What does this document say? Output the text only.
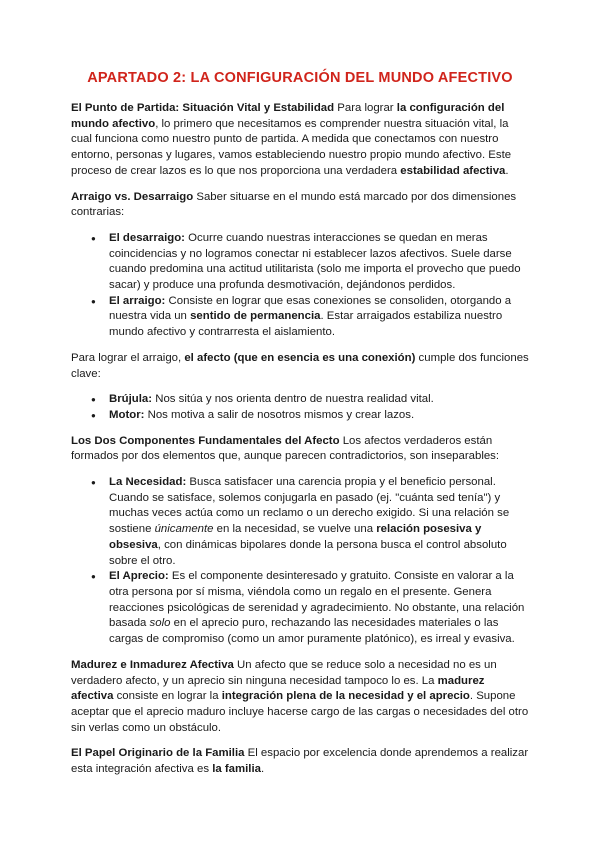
APARTADO 2: LA CONFIGURACIÓN DEL MUNDO AFECTIVO

El Punto de Partida: Situación Vital y Estabilidad Para lograr la configuración del mundo afectivo, lo primero que necesitamos es comprender nuestra situación vital, la cual funciona como nuestro punto de partida. A medida que conectamos con nuestro entorno, personas y lugares, vamos estableciendo nuestro propio mundo afectivo. Este proceso de crear lazos es lo que nos proporciona una verdadera estabilidad afectiva.

Arraigo vs. Desarraigo Saber situarse en el mundo está marcado por dos dimensiones contrarias:

● El desarraigo: Ocurre cuando nuestras interacciones se quedan en meras coincidencias y no logramos conectar ni establecer lazos afectivos. Suele darse cuando predomina una actitud utilitarista (solo me importa el provecho que puedo sacar) y produce una profunda desmotivación, dejándonos perdidos.
● El arraigo: Consiste en lograr que esas conexiones se consoliden, otorgando a nuestra vida un sentido de permanencia. Estar arraigados estabiliza nuestro mundo afectivo y contrarresta el aislamiento.

Para lograr el arraigo, el afecto (que en esencia es una conexión) cumple dos funciones clave:

● Brújula: Nos sitúa y nos orienta dentro de nuestra realidad vital.
● Motor: Nos motiva a salir de nosotros mismos y crear lazos.

Los Dos Componentes Fundamentales del Afecto Los afectos verdaderos están formados por dos elementos que, aunque parecen contradictorios, son inseparables:

● La Necesidad: Busca satisfacer una carencia propia y el beneficio personal. Cuando se satisface, solemos conjugarla en pasado (ej. "cuánta sed tenía") y muchas veces actúa como un reclamo o un derecho exigido. Si una relación se sostiene únicamente en la necesidad, se vuelve una relación posesiva y obsesiva, con dinámicas bipolares donde la persona busca el control absoluto sobre el otro.
● El Aprecio: Es el componente desinteresado y gratuito. Consiste en valorar a la otra persona por sí misma, viéndola como un regalo en el presente. Genera reacciones psicológicas de serenidad y agradecimiento. No obstante, una relación basada solo en el aprecio puro, rechazando las necesidades materiales o las cargas de compromiso (como un amor puramente platónico), es irreal y evasiva.

Madurez e Inmadurez Afectiva Un afecto que se reduce solo a necesidad no es un verdadero afecto, y un aprecio sin ninguna necesidad tampoco lo es. La madurez afectiva consiste en lograr la integración plena de la necesidad y el aprecio. Supone aceptar que el aprecio maduro incluye hacerse cargo de las cargas o necesidades del otro sin verlas como un obstáculo.

El Papel Originario de la Familia El espacio por excelencia donde aprendemos a realizar esta integración afectiva es la familia.
